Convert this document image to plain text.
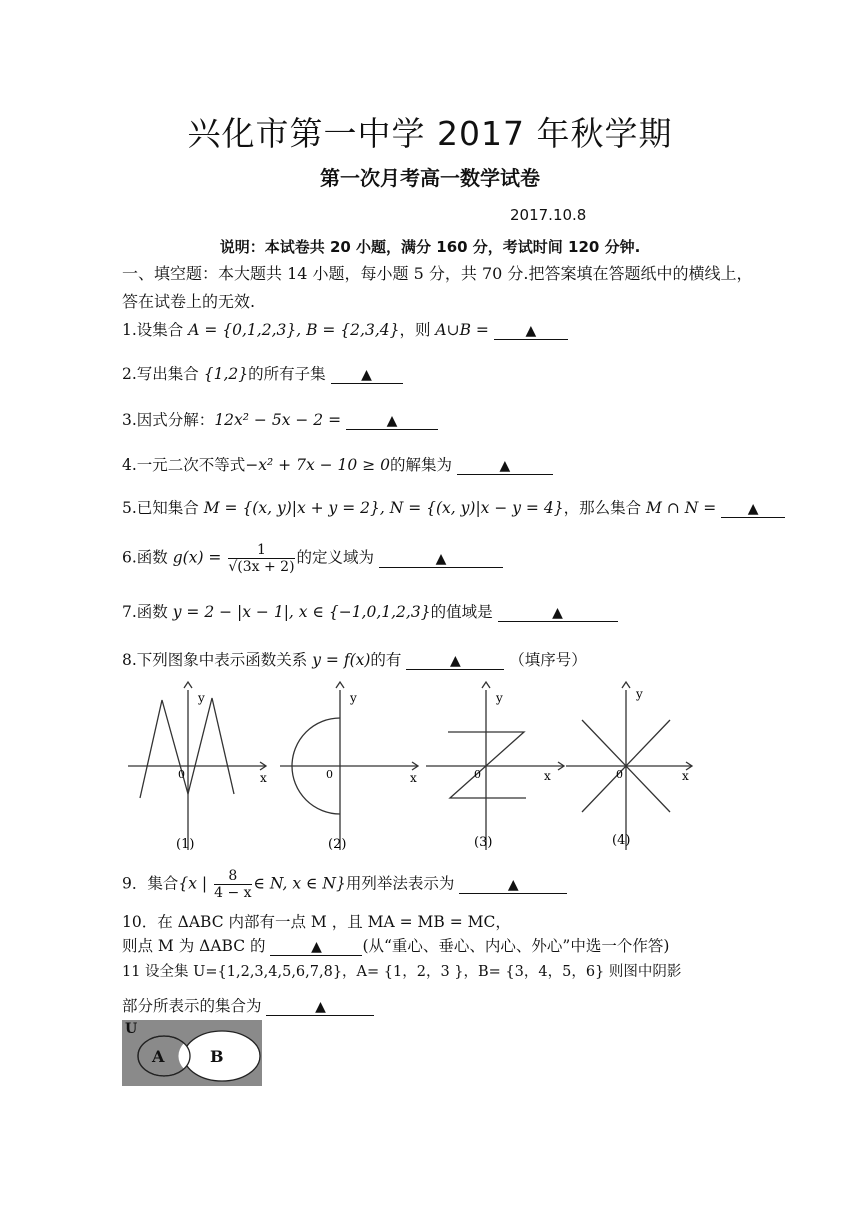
兴化市第一中学 2017 年秋学期
第一次月考高一数学试卷
2017.10.8
说明：本试卷共 20 小题，满分 160 分，考试时间 120 分钟.
一、填空题：本大题共 14 小题，每小题 5 分，共 70 分.把答案填在答题纸中的横线上，答在试卷上的无效.
1.设集合 A = {0,1,2,3}, B = {2,3,4}，则 A∪B =	▲
2.写出集合 {1,2}的所有子集	▲
3.因式分解：12x² − 5x − 2 =	▲
4.一元二次不等式−x² + 7x − 10 ≥ 0的解集为	▲
5.已知集合 M = {(x, y)|x + y = 2}, N = {(x, y)|x − y = 4}，那么集合 M ∩ N = ▲
6.函数 $g(x) = \frac{1}{√(3x + 2)}$ 的定义域为	▲
7.函数 y = 2 − |x − 1|, x ∈ {−1,0,1,2,3}的值域是	▲
8.下列图象中表示函数关系 y = f(x)的有	▲	（填序号）
y
x
0
(1)
y
x
0
(2)
y
x
0
(3)
y
x
0
(4)
9．集合{x | $\frac{8}{4 - x}$ ∈ N, x ∈ N}用列举法表示为	▲
10．在 ΔABC 内部有一点 M ，且 MA = MB = MC，
则点 M 为 ΔABC 的	▲	(从“重心、垂心、内心、外心”中选一个作答)
11 设全集 U={1,2,3,4,5,6,7,8}，A= {1，2，3 }，B= {3，4，5，6} 则图中阴影
部分所表示的集合为	▲
U
A	B
